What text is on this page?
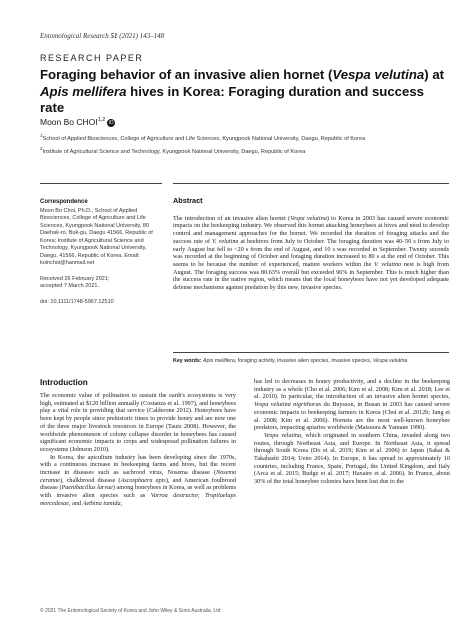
Entomological Research 51 (2021) 143–148
RESEARCH PAPER
Foraging behavior of an invasive alien hornet (Vespa velutina) at Apis mellifera hives in Korea: Foraging duration and success rate
Moon Bo CHOI$^{1,2}$ iD

$^1$School of Applied Biosciences, College of Agriculture and Life Sciences, Kyungpook National University, Daegu, Republic of Korea

$^2$Institute of Agricultural Science and Technology, Kyungpook National University, Daegu, Republic of Korea

Correspondence

Moon Bo Choi, Ph.D., School of Applied Biosciences, College of Agriculture and Life Sciences, Kyungpook National University, 80 Daehak-ro, Buk-gu, Daegu 41566, Republic of Korea; Institute of Agricultural Science and Technology, Kyungpook National University, Daegu, 41566, Republic of Korea. Email: koinchoi@hanmail.net

Received 26 February 2021;
accepted 7 March 2021.

doi: 10.1111/1748-5967.12510

Abstract

The introduction of an invasive alien hornet (Vespa velutina) to Korea in 2003 has caused severe economic impacts on the beekeeping industry. We observed this hornet attacking honeybees at hives and need to develop control and management approaches for the hornet. We recorded the duration of foraging attacks and the success rate of V. velutina at beehives from July to October. The foraging duration was 40–50 s from July to early August but fell to ~20 s from the end of August, and 10 s was recorded in September. Twenty seconds was recorded at the beginning of October and foraging duration increased to 80 s at the end of October. This seems to be because the number of experienced, mature workers within the V. velutina nest is high from August. The foraging success was 80.63% overall but exceeded 96% in September. This is much higher than the success rate in the native region, which means that the local honeybees have not yet developed adequate defense mechanisms against predation by this new, invasive species.

Key words: Apis mellifera, foraging activity, invasive alien species, invasive species, Vespa velutina
Introduction

The economic value of pollination to sustain the earth's ecosystems is very high, estimated at $120 billion annually (Costanza et al. 1997), and honeybees play a vital role in providing that service (Calderone 2012). Honeybees have been kept by people since prehistoric times to provide honey and are now one of the three major livestock resources in Europe (Tautz 2008). However, the worldwide phenomenon of colony collapse disorder in honeybees has caused significant economic impacts to crops and widespread pollination failures in ecosystems (Johnson 2010).

In Korea, the apiculture industry has been developing since the 1970s, with a continuous increase in beekeeping farms and hives, but the recent increase in diseases such as sacbrood virus, Nosema disease (Nosema ceranae), chalkbrood disease (Ascosphaera apis), and American foulbrood disease (Paenibacillus larvae) among honeybees in Korea, as well as problems with invasive alien species such as Varroa destructor, Tropilaelaps mercedesae, and Aethina tumida,

has led to decreases in honey productivity, and a decline in the beekeeping industry as a whole (Cho et al. 2006; Kim et al. 2008; Kim et al. 2018; Lee et al. 2010). In particular, the introduction of an invasive alien hornet species, Vespa velutina nigrithorax du Buysson, in Busan in 2003 has caused severe economic impacts to beekeeping farmers in Korea (Choi et al. 2012b; Jung et al. 2008; Kim et al. 2006). Hornets are the most well-known honeybee predators, impacting apiaries worldwide (Matsuura & Yamane 1990).

Vespa velutina, which originated in southern China, invaded along two routes, through Northeast Asia, and Europe. In Northeast Asia, it spread through South Korea (Do et al. 2019; Kim et al. 2006) to Japan (Sakai & Takahashi 2014; Ueno 2014). In Europe, it has spread to approximately 10 countries, including France, Spain, Portugal, the United Kingdom, and Italy (Arca et al. 2015; Budge et al. 2017; Haxaire et al. 2006). In France, about 30% of the total honeybee colonies have been lost due to the

© 2021 The Entomological Society of Korea and John Wiley & Sons Australia, Ltd
